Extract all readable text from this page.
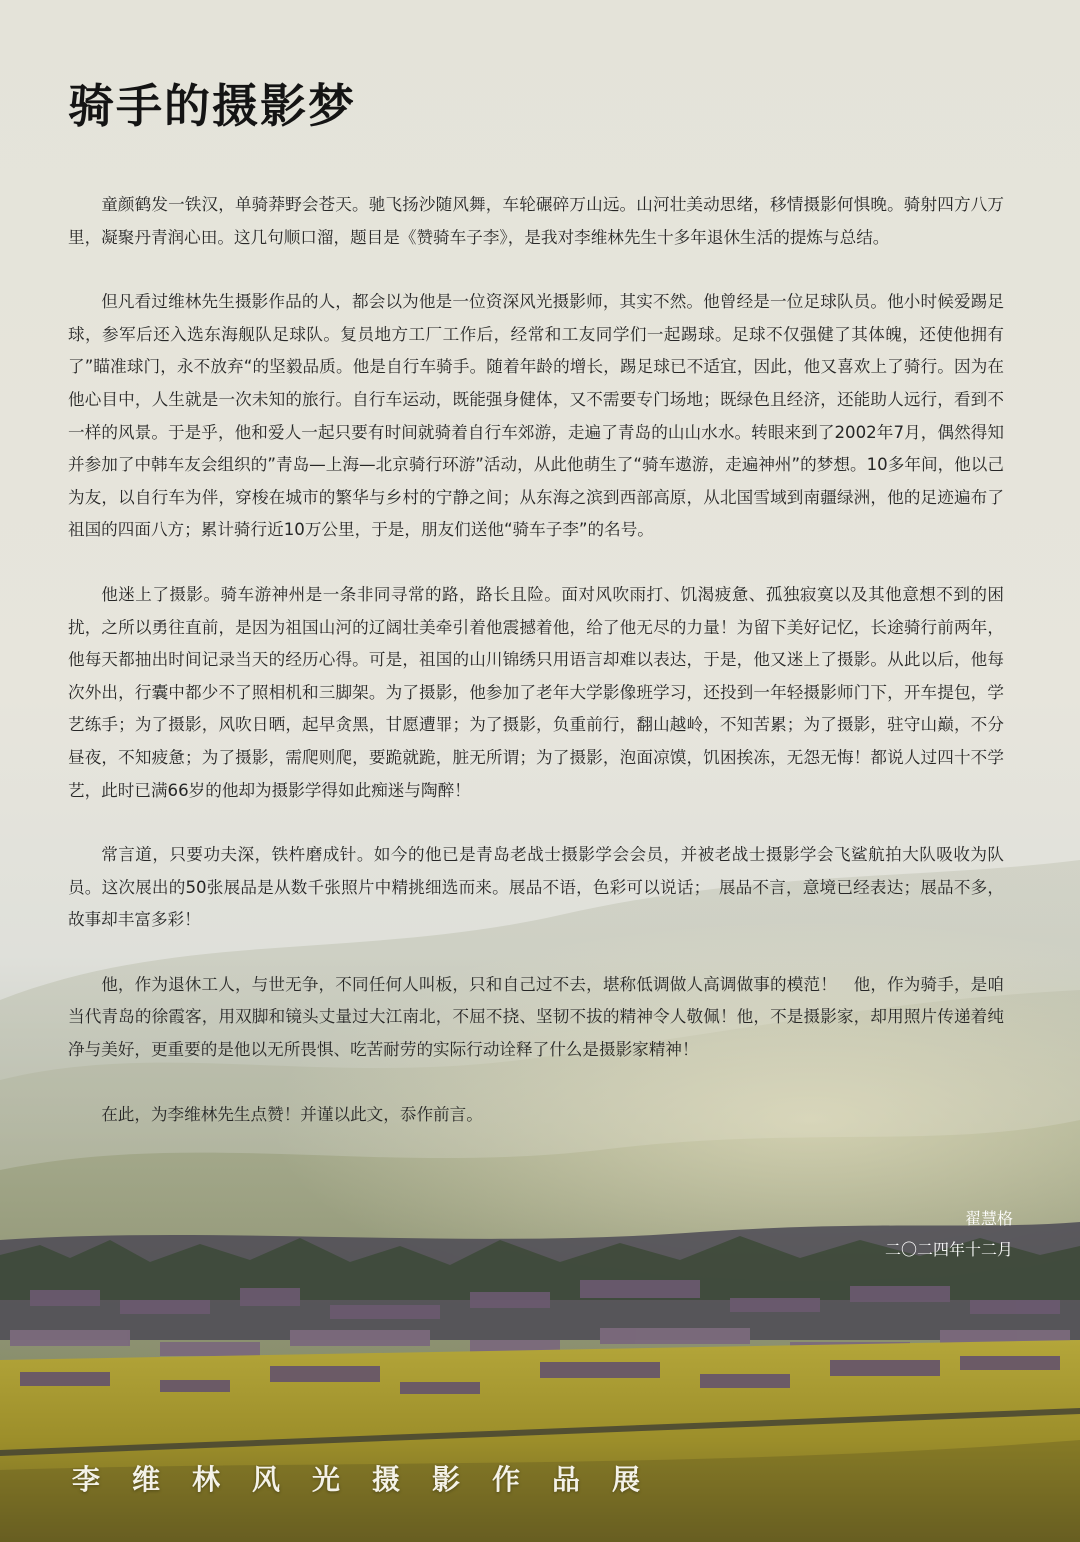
骑手的摄影梦

童颜鹤发一铁汉，单骑莽野会苍天。驰飞扬沙随风舞，车轮碾碎万山远。山河壮美动思绪，移情摄影何惧晚。骑射四方八万里，凝聚丹青润心田。这几句顺口溜，题目是《赞骑车子李》，是我对李维林先生十多年退休生活的提炼与总结。

但凡看过维林先生摄影作品的人，都会以为他是一位资深风光摄影师，其实不然。他曾经是一位足球队员。他小时候爱踢足球，参军后还入选东海舰队足球队。复员地方工厂工作后，经常和工友同学们一起踢球。足球不仅强健了其体魄，还使他拥有了”瞄准球门，永不放弃“的坚毅品质。他是自行车骑手。随着年龄的增长，踢足球已不适宜，因此，他又喜欢上了骑行。因为在他心目中，人生就是一次未知的旅行。自行车运动，既能强身健体，又不需要专门场地；既绿色且经济，还能助人远行，看到不一样的风景。于是乎，他和爱人一起只要有时间就骑着自行车郊游，走遍了青岛的山山水水。转眼来到了2002年7月，偶然得知并参加了中韩车友会组织的”青岛—上海—北京骑行环游”活动，从此他萌生了“骑车遨游，走遍神州”的梦想。10多年间，他以己为友，以自行车为伴，穿梭在城市的繁华与乡村的宁静之间；从东海之滨到西部高原，从北国雪域到南疆绿洲，他的足迹遍布了祖国的四面八方；累计骑行近10万公里，于是，朋友们送他“骑车子李”的名号。

他迷上了摄影。骑车游神州是一条非同寻常的路，路长且险。面对风吹雨打、饥渴疲惫、孤独寂寞以及其他意想不到的困扰，之所以勇往直前，是因为祖国山河的辽阔壮美牵引着他震撼着他，给了他无尽的力量！为留下美好记忆，长途骑行前两年，他每天都抽出时间记录当天的经历心得。可是，祖国的山川锦绣只用语言却难以表达，于是，他又迷上了摄影。从此以后，他每次外出，行囊中都少不了照相机和三脚架。为了摄影，他参加了老年大学影像班学习，还投到一年轻摄影师门下，开车提包，学艺练手；为了摄影，风吹日晒，起早贪黑，甘愿遭罪；为了摄影，负重前行，翻山越岭，不知苦累；为了摄影，驻守山巅，不分昼夜，不知疲惫；为了摄影，需爬则爬，要跪就跪，脏无所谓；为了摄影，泡面凉馍，饥困挨冻，无怨无悔！都说人过四十不学艺，此时已满66岁的他却为摄影学得如此痴迷与陶醉！

常言道，只要功夫深，铁杵磨成针。如今的他已是青岛老战士摄影学会会员，并被老战士摄影学会飞鲨航拍大队吸收为队员。这次展出的50张展品是从数千张照片中精挑细选而来。展品不语，色彩可以说话；　展品不言，意境已经表达；展品不多，故事却丰富多彩！

他，作为退休工人，与世无争，不同任何人叫板，只和自己过不去，堪称低调做人高调做事的模范！　他，作为骑手，是咱当代青岛的徐霞客，用双脚和镜头丈量过大江南北，不屈不挠、坚韧不拔的精神令人敬佩！他，不是摄影家，却用照片传递着纯净与美好，更重要的是他以无所畏惧、吃苦耐劳的实际行动诠释了什么是摄影家精神！

在此，为李维林先生点赞！并谨以此文，忝作前言。

翟慧格
二〇二四年十二月
李维林风光摄影作品展
